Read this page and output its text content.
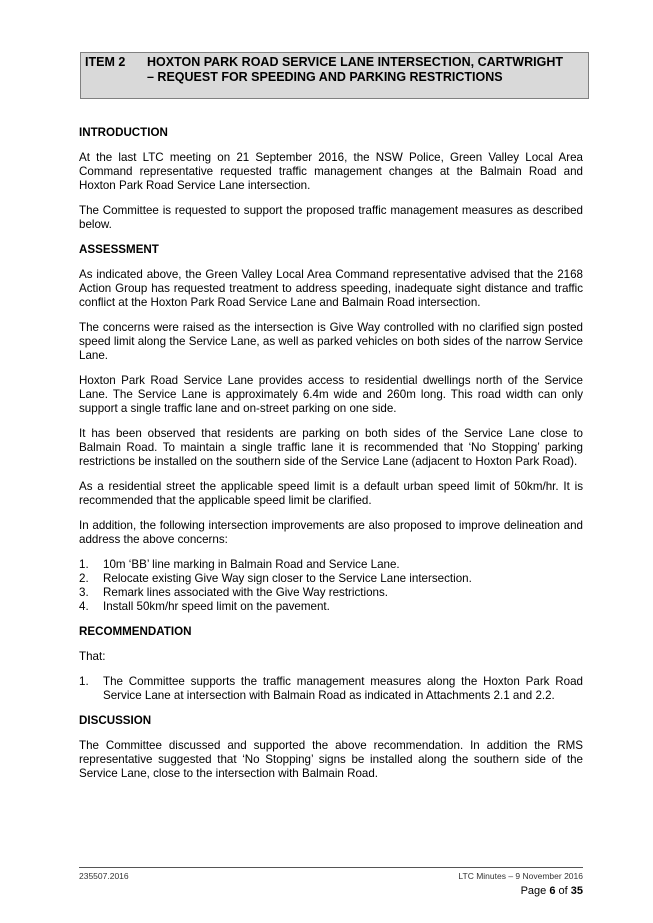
ITEM 2 HOXTON PARK ROAD SERVICE LANE INTERSECTION, CARTWRIGHT – REQUEST FOR SPEEDING AND PARKING RESTRICTIONS
INTRODUCTION

At the last LTC meeting on 21 September 2016, the NSW Police, Green Valley Local Area Command representative requested traffic management changes at the Balmain Road and Hoxton Park Road Service Lane intersection.

The Committee is requested to support the proposed traffic management measures as described below.

ASSESSMENT

As indicated above, the Green Valley Local Area Command representative advised that the 2168 Action Group has requested treatment to address speeding, inadequate sight distance and traffic conflict at the Hoxton Park Road Service Lane and Balmain Road intersection.

The concerns were raised as the intersection is Give Way controlled with no clarified sign posted speed limit along the Service Lane, as well as parked vehicles on both sides of the narrow Service Lane.

Hoxton Park Road Service Lane provides access to residential dwellings north of the Service Lane. The Service Lane is approximately 6.4m wide and 260m long. This road width can only support a single traffic lane and on-street parking on one side.

It has been observed that residents are parking on both sides of the Service Lane close to Balmain Road. To maintain a single traffic lane it is recommended that ‘No Stopping’ parking restrictions be installed on the southern side of the Service Lane (adjacent to Hoxton Park Road).

As a residential street the applicable speed limit is a default urban speed limit of 50km/hr. It is recommended that the applicable speed limit be clarified.

In addition, the following intersection improvements are also proposed to improve delineation and address the above concerns:

1. 10m ‘BB’ line marking in Balmain Road and Service Lane.
2. Relocate existing Give Way sign closer to the Service Lane intersection.
3. Remark lines associated with the Give Way restrictions.
4. Install 50km/hr speed limit on the pavement.
RECOMMENDATION

That:

1. The Committee supports the traffic management measures along the Hoxton Park Road Service Lane at intersection with Balmain Road as indicated in Attachments 2.1 and 2.2.
DISCUSSION

The Committee discussed and supported the above recommendation. In addition the RMS representative suggested that ‘No Stopping’ signs be installed along the southern side of the Service Lane, close to the intersection with Balmain Road.

235507.2016	LTC Minutes – 9 November 2016
Page 6 of 35
